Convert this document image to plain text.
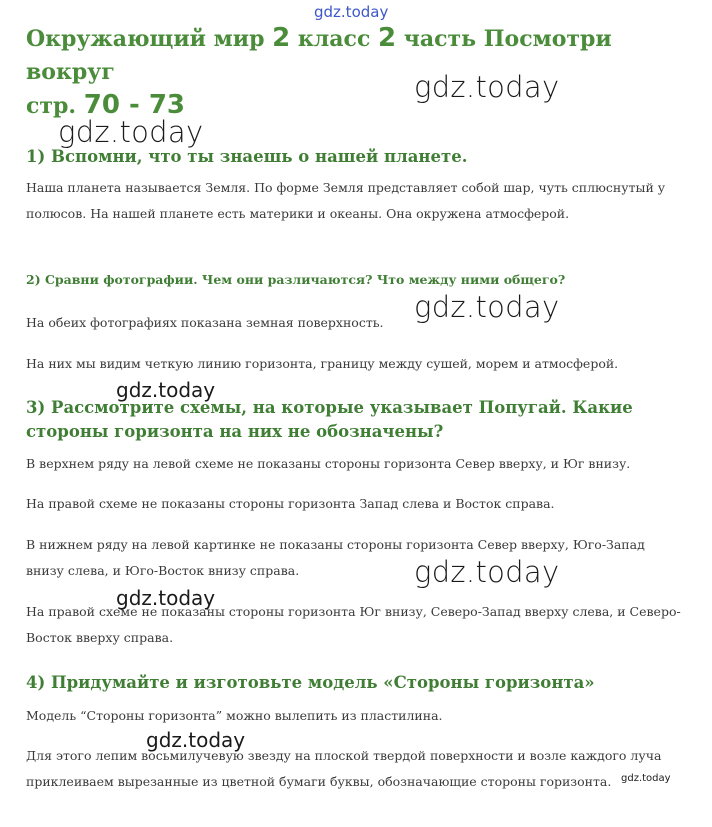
Окружающий мир 2 класс 2 часть Посмотри вокруг
стр. 70 - 73
1) Вспомни, что ты знаешь о нашей планете.

Наша планета называется Земля. По форме Земля представляет собой шар, чуть сплюснутый у полюсов. На нашей планете есть материки и океаны. Она окружена атмосферой.

2) Сравни фотографии. Чем они различаются? Что между ними общего?

На обеих фотографиях показана земная поверхность.

На них мы видим четкую линию горизонта, границу между сушей, морем и атмосферой.

3) Рассмотрите схемы, на которые указывает Попугай. Какие стороны горизонта на них не обозначены?

В верхнем ряду на левой схеме не показаны стороны горизонта Север вверху, и Юг внизу.

На правой схеме не показаны стороны горизонта Запад слева и Восток справа.

В нижнем ряду на левой картинке не показаны стороны горизонта Север вверху, Юго-Запад внизу слева, и Юго-Восток внизу справа.

На правой схеме не показаны стороны горизонта Юг внизу, Северо-Запад вверху слева, и Северо-Восток вверху справа.

4) Придумайте и изготовьте модель «Стороны горизонта»

Модель “Стороны горизонта” можно вылепить из пластилина.

Для этого лепим восьмилучевую звезду на плоской твердой поверхности и возле каждого луча приклеиваем вырезанные из цветной бумаги буквы, обозначающие стороны горизонта.

gdz.today
gdz.today
gdz.today
gdz.today
gdz.today
gdz.today
gdz.today
gdz.today
gdz.today
